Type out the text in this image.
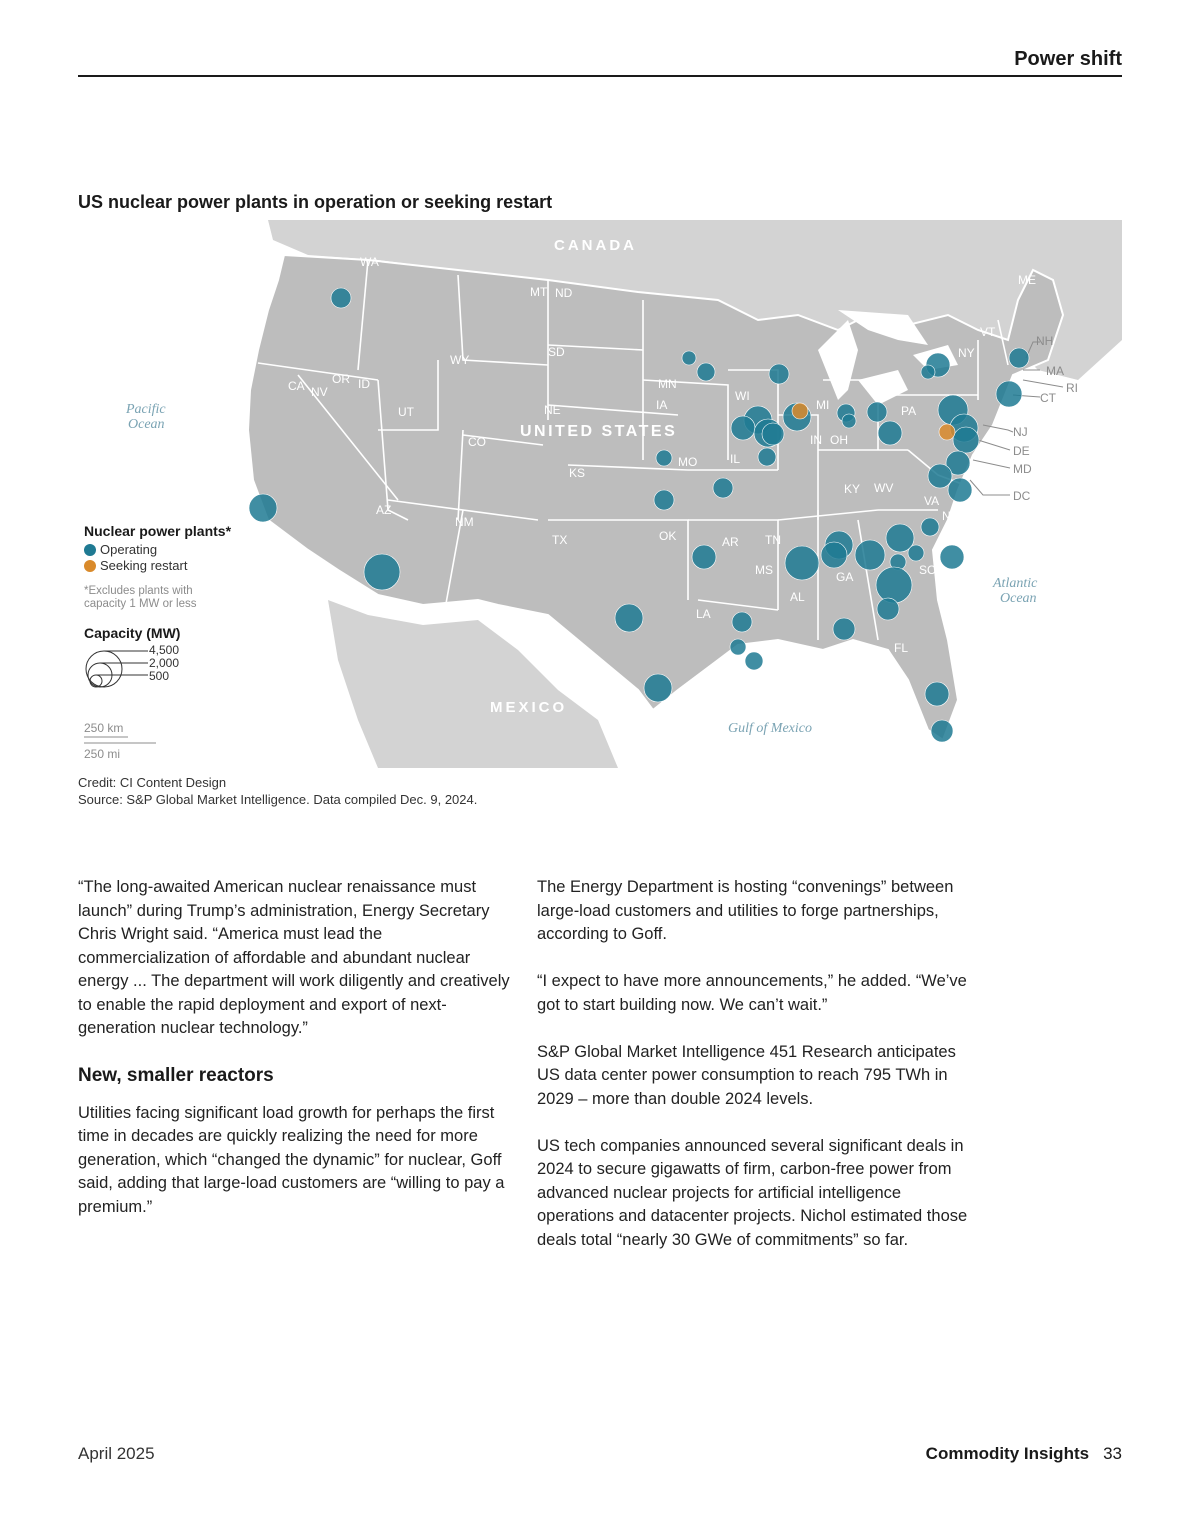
Power shift
US nuclear power plants in operation or seeking restart
CANADA
UNITED STATES
MEXICO
Pacific
Ocean
Atlantic
Ocean
Gulf of Mexico
WA
OR
CA NV
ID
MT ND
SD
WY
UT
AZ
NM
CO
NE
KS
OK
TX
MN
IA
MO
AR
LA
WI
IL
MS
TN
AL
GA
FL
SC
NC
KY
IN OH
MI
WV
VA
PA
NY
VT
ME
NH
MA
RI
CT
NJ
DE
MD
DC
Nuclear power plants*
Operating
Seeking restart
*Excludes plants with
capacity 1 MW or less
Capacity (MW)
4,500
2,000
500
250 km
250 mi
Credit: CI Content Design
Source: S&P Global Market Intelligence. Data compiled Dec. 9, 2024.

“The long-awaited American nuclear renaissance must launch” during Trump’s administration, Energy Secretary Chris Wright said. “America must lead the commercialization of affordable and abundant nuclear energy ... The department will work diligently and creatively to enable the rapid deployment and export of next-generation nuclear technology.”

New, smaller reactors

Utilities facing significant load growth for perhaps the first time in decades are quickly realizing the need for more generation, which “changed the dynamic” for nuclear, Goff said, adding that large-load customers are “willing to pay a premium.”

The Energy Department is hosting “convenings” between large-load customers and utilities to forge partnerships, according to Goff.

“I expect to have more announcements,” he added. “We’ve got to start building now. We can’t wait.”

S&P Global Market Intelligence 451 Research anticipates US data center power consumption to reach 795 TWh in 2029 – more than double 2024 levels.

US tech companies announced several significant deals in 2024 to secure gigawatts of firm, carbon-free power from advanced nuclear projects for artificial intelligence operations and datacenter projects. Nichol estimated those deals total “nearly 30 GWe of commitments” so far.

April 2025	Commodity Insights 33
